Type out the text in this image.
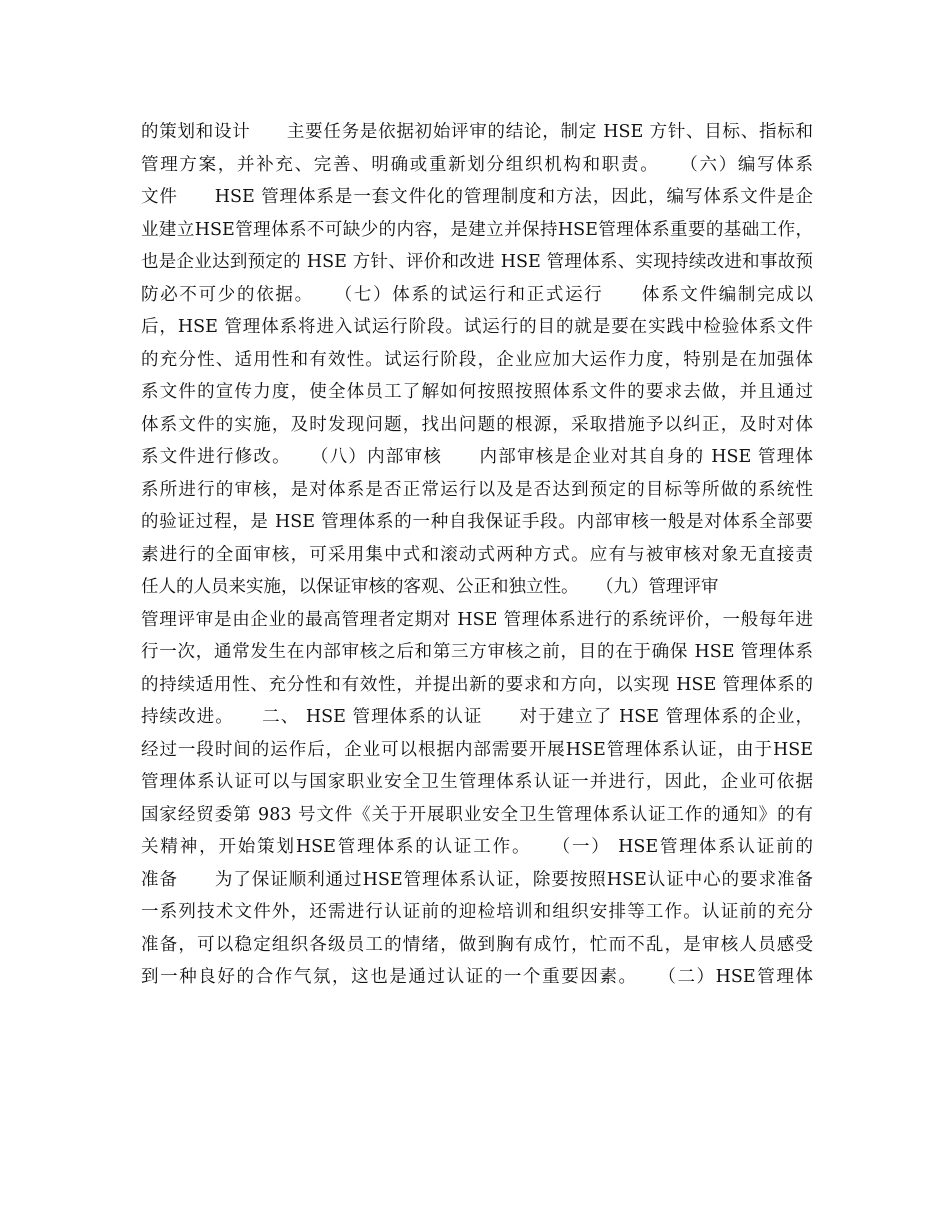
的策划和设计　　主要任务是依据初始评审的结论，制定 HSE 方针、目标、指标和
管理方案，并补充、完善、明确或重新划分组织机构和职责。　　（六）编写体系
文件　　HSE 管理体系是一套文件化的管理制度和方法，因此，编写体系文件是企
业建立HSE管理体系不可缺少的内容，是建立并保持HSE管理体系重要的基础工作，
也是企业达到预定的 HSE 方针、评价和改进 HSE 管理体系、实现持续改进和事故预
防必不可少的依据。　　（七）体系的试运行和正式运行　　体系文件编制完成以
后，HSE 管理体系将进入试运行阶段。试运行的目的就是要在实践中检验体系文件
的充分性、适用性和有效性。试运行阶段，企业应加大运作力度，特别是在加强体
系文件的宣传力度，使全体员工了解如何按照按照体系文件的要求去做，并且通过
体系文件的实施，及时发现问题，找出问题的根源，采取措施予以纠正，及时对体
系文件进行修改。　　（八）内部审核　　内部审核是企业对其自身的 HSE 管理体
系所进行的审核，是对体系是否正常运行以及是否达到预定的目标等所做的系统性
的验证过程，是 HSE 管理体系的一种自我保证手段。内部审核一般是对体系全部要
素进行的全面审核，可采用集中式和滚动式两种方式。应有与被审核对象无直接责
任人的人员来实施，以保证审核的客观、公正和独立性。　　（九）管理评审
管理评审是由企业的最高管理者定期对 HSE 管理体系进行的系统评价，一般每年进
行一次，通常发生在内部审核之后和第三方审核之前，目的在于确保 HSE 管理体系
的持续适用性、充分性和有效性，并提出新的要求和方向，以实现 HSE 管理体系的
持续改进。　　二、 HSE 管理体系的认证　　对于建立了 HSE 管理体系的企业，
经过一段时间的运作后，企业可以根据内部需要开展HSE管理体系认证，由于HSE
管理体系认证可以与国家职业安全卫生管理体系认证一并进行，因此，企业可依据
国家经贸委第 983 号文件《关于开展职业安全卫生管理体系认证工作的通知》的有
关精神，开始策划HSE管理体系的认证工作。　　（一） HSE管理体系认证前的
准备　　为了保证顺利通过HSE管理体系认证，除要按照HSE认证中心的要求准备
一系列技术文件外，还需进行认证前的迎检培训和组织安排等工作。认证前的充分
准备，可以稳定组织各级员工的情绪，做到胸有成竹，忙而不乱，是审核人员感受
到一种良好的合作气氛，这也是通过认证的一个重要因素。　　（二）HSE管理体
